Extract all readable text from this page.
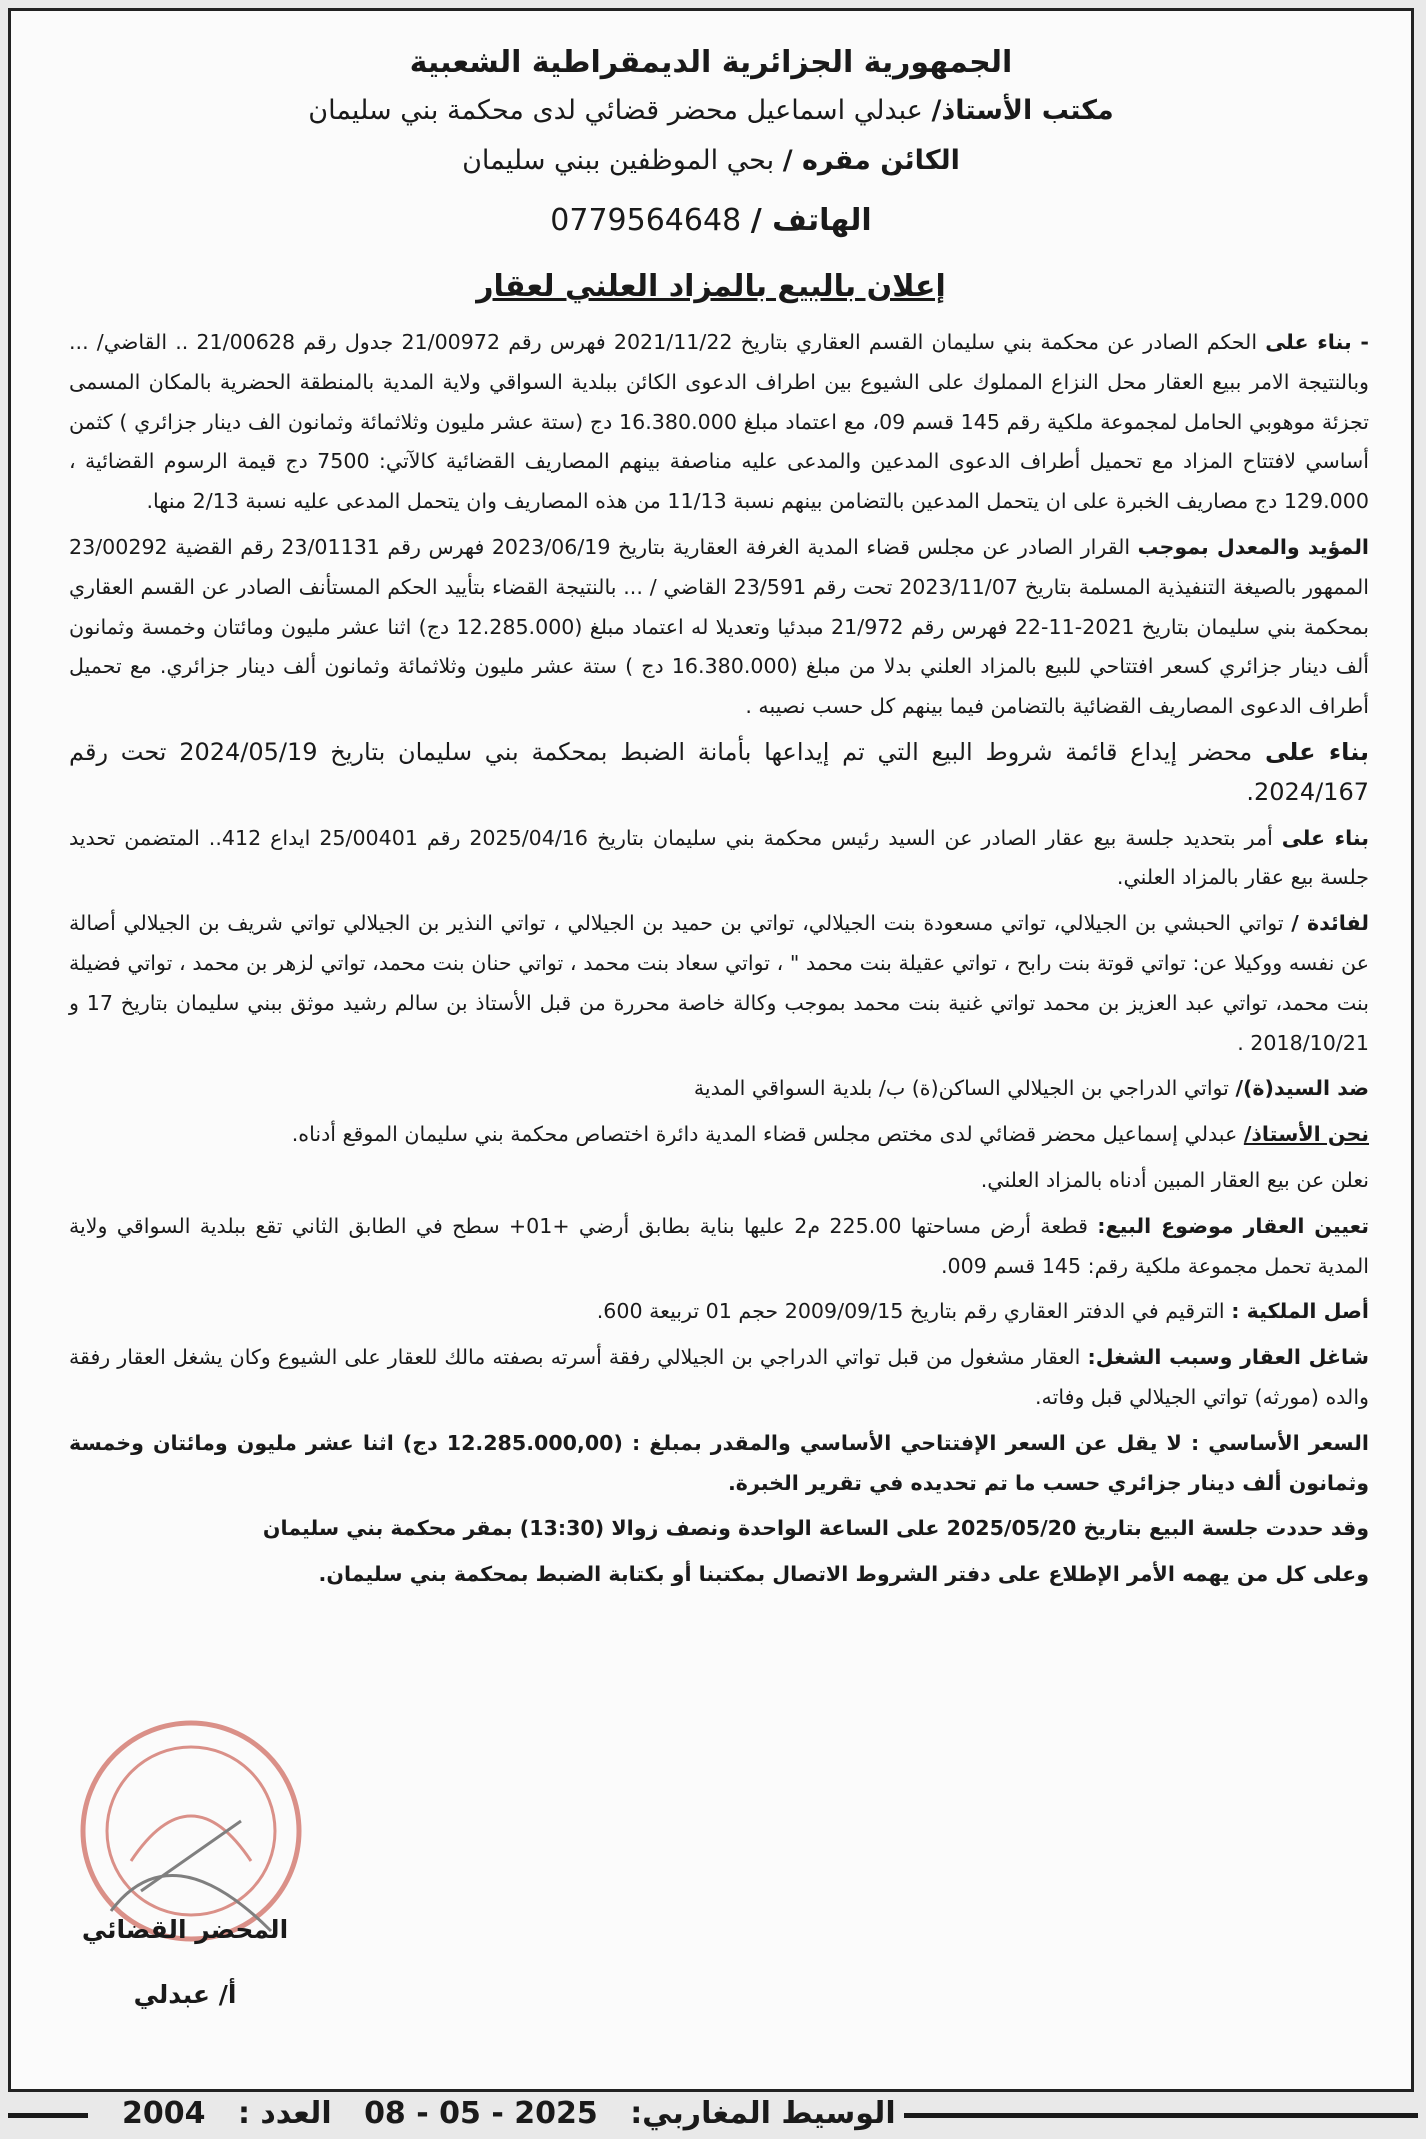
الجمهورية الجزائرية الديمقراطية الشعبية
مكتب الأستاذ/ عبدلي اسماعيل محضر قضائي لدى محكمة بني سليمان
الكائن مقره / بحي الموظفين ببني سليمان
الهاتف / 0779564648
إعلان بالبيع بالمزاد العلني لعقار

- بناء على الحكم الصادر عن محكمة بني سليمان القسم العقاري بتاريخ 2021/11/22 فهرس رقم 21/00972 جدول رقم 21/00628 .. القاضي/ ... وبالنتيجة الامر ببيع العقار محل النزاع المملوك على الشيوع بين اطراف الدعوى الكائن ببلدية السواقي ولاية المدية بالمنطقة الحضرية بالمكان المسمى تجزئة موهوبي الحامل لمجموعة ملكية رقم 145 قسم 09، مع اعتماد مبلغ 16.380.000 دج (ستة عشر مليون وثلاثمائة وثمانون الف دينار جزائري ) كثمن أساسي لافتتاح المزاد مع تحميل أطراف الدعوى المدعين والمدعى عليه مناصفة بينهم المصاريف القضائية كالآتي: 7500 دج قيمة الرسوم القضائية ، 129.000 دج مصاريف الخبرة على ان يتحمل المدعين بالتضامن بينهم نسبة 11/13 من هذه المصاريف وان يتحمل المدعى عليه نسبة 2/13 منها.

المؤيد والمعدل بموجب القرار الصادر عن مجلس قضاء المدية الغرفة العقارية بتاريخ 2023/06/19 فهرس رقم 23/01131 رقم القضية 23/00292 الممهور بالصيغة التنفيذية المسلمة بتاريخ 2023/11/07 تحت رقم 23/591 القاضي / ... بالنتيجة القضاء بتأييد الحكم المستأنف الصادر عن القسم العقاري بمحكمة بني سليمان بتاريخ 2021-11-22 فهرس رقم 21/972 مبدئيا وتعديلا له اعتماد مبلغ (12.285.000 دج) اثنا عشر مليون ومائتان وخمسة وثمانون ألف دينار جزائري كسعر افتتاحي للبيع بالمزاد العلني بدلا من مبلغ (16.380.000 دج ) ستة عشر مليون وثلاثمائة وثمانون ألف دينار جزائري. مع تحميل أطراف الدعوى المصاريف القضائية بالتضامن فيما بينهم كل حسب نصيبه .

بناء على محضر إيداع قائمة شروط البيع التي تم إيداعها بأمانة الضبط بمحكمة بني سليمان بتاريخ 2024/05/19 تحت رقم 2024/167.

بناء على أمر بتحديد جلسة بيع عقار الصادر عن السيد رئيس محكمة بني سليمان بتاريخ 2025/04/16 رقم 25/00401 ايداع 412.. المتضمن تحديد جلسة بيع عقار بالمزاد العلني.

لفائدة / تواتي الحبشي بن الجيلالي، تواتي مسعودة بنت الجيلالي، تواتي بن حميد بن الجيلالي ، تواتي النذير بن الجيلالي تواتي شريف بن الجيلالي أصالة عن نفسه ووكيلا عن: تواتي قوتة بنت رابح ، تواتي عقيلة بنت محمد " ، تواتي سعاد بنت محمد ، تواتي حنان بنت محمد، تواتي لزهر بن محمد ، تواتي فضيلة بنت محمد، تواتي عبد العزيز بن محمد تواتي غنية بنت محمد بموجب وكالة خاصة محررة من قبل الأستاذ بن سالم رشيد موثق ببني سليمان بتاريخ 17 و 2018/10/21 .

ضد السيد(ة)/ تواتي الدراجي بن الجيلالي الساكن(ة) ب/ بلدية السواقي المدية

نحن الأستاذ/ عبدلي إسماعيل محضر قضائي لدى مختص مجلس قضاء المدية دائرة اختصاص محكمة بني سليمان الموقع أدناه.

نعلن عن بيع العقار المبين أدناه بالمزاد العلني.

تعيين العقار موضوع البيع: قطعة أرض مساحتها 225.00 م2 عليها بناية بطابق أرضي +01+ سطح في الطابق الثاني تقع ببلدية السواقي ولاية المدية تحمل مجموعة ملكية رقم: 145 قسم 009.

أصل الملكية : الترقيم في الدفتر العقاري رقم بتاريخ 2009/09/15 حجم 01 تربيعة 600.

شاغل العقار وسبب الشغل: العقار مشغول من قبل تواتي الدراجي بن الجيلالي رفقة أسرته بصفته مالك للعقار على الشيوع وكان يشغل العقار رفقة والده (مورثه) تواتي الجيلالي قبل وفاته.

السعر الأساسي : لا يقل عن السعر الإفتتاحي الأساسي والمقدر بمبلغ : (12.285.000,00 دج) اثنا عشر مليون ومائتان وخمسة وثمانون ألف دينار جزائري حسب ما تم تحديده في تقرير الخبرة.

وقد حددت جلسة البيع بتاريخ 2025/05/20 على الساعة الواحدة ونصف زوالا (13:30) بمقر محكمة بني سليمان

وعلى كل من يهمه الأمر الإطلاع على دفتر الشروط الاتصال بمكتبنا أو بكتابة الضبط بمحكمة بني سليمان.

المحضر القضائي
أ/ عبدلي
الوسيط المغاربي: 08 - 05 - 2025 العدد : 2004
